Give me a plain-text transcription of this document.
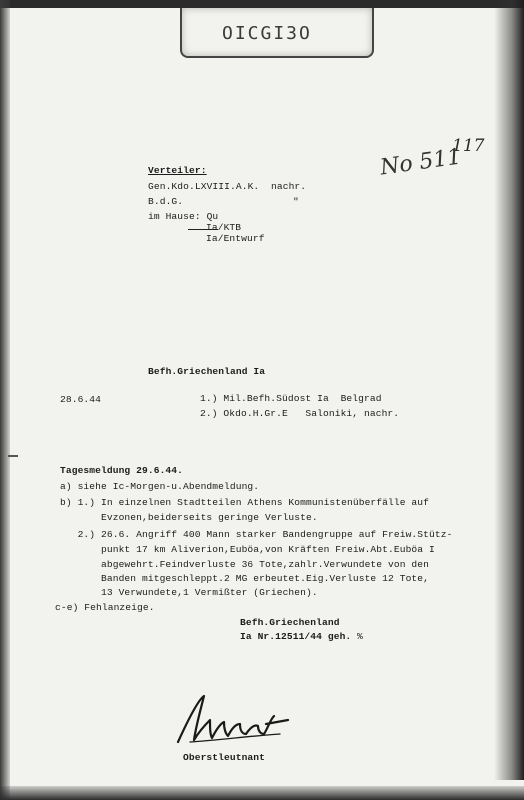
OICGI3O
117
No 511
Verteiler:
Gen.Kdo.LXVIII.A.K.  nachr.
B.d.G.	"
im Hause: Qu
Ia/KTB
Ia/Entwurf
Befh.Griechenland Ia
28.6.44	1.) Mil.Befh.Südost Ia  Belgrad
2.) Okdo.H.Gr.E   Saloniki, nachr.
Tagesmeldung 29.6.44.
a) siehe Ic-Morgen-u.Abendmeldung.
b) 1.) In einzelnen Stadtteilen Athens Kommunistenüberfälle auf
Evzonen,beiderseits geringe Verluste.
2.) 26.6. Angriff 400 Mann starker Bandengruppe auf Freiw.Stütz-
punkt 17 km Aliverion,Euböa,von Kräften Freiw.Abt.Euböa I
abgewehrt.Feindverluste 36 Tote,zahlr.Verwundete von den
Banden mitgeschleppt.2 MG erbeutet.Eig.Verluste 12 Tote,
13 Verwundete,1 Vermißter (Griechen).
c-e) Fehlanzeige.
Befh.Griechenland
Ia Nr.12511/44 geh. %
Oberstleutnant
